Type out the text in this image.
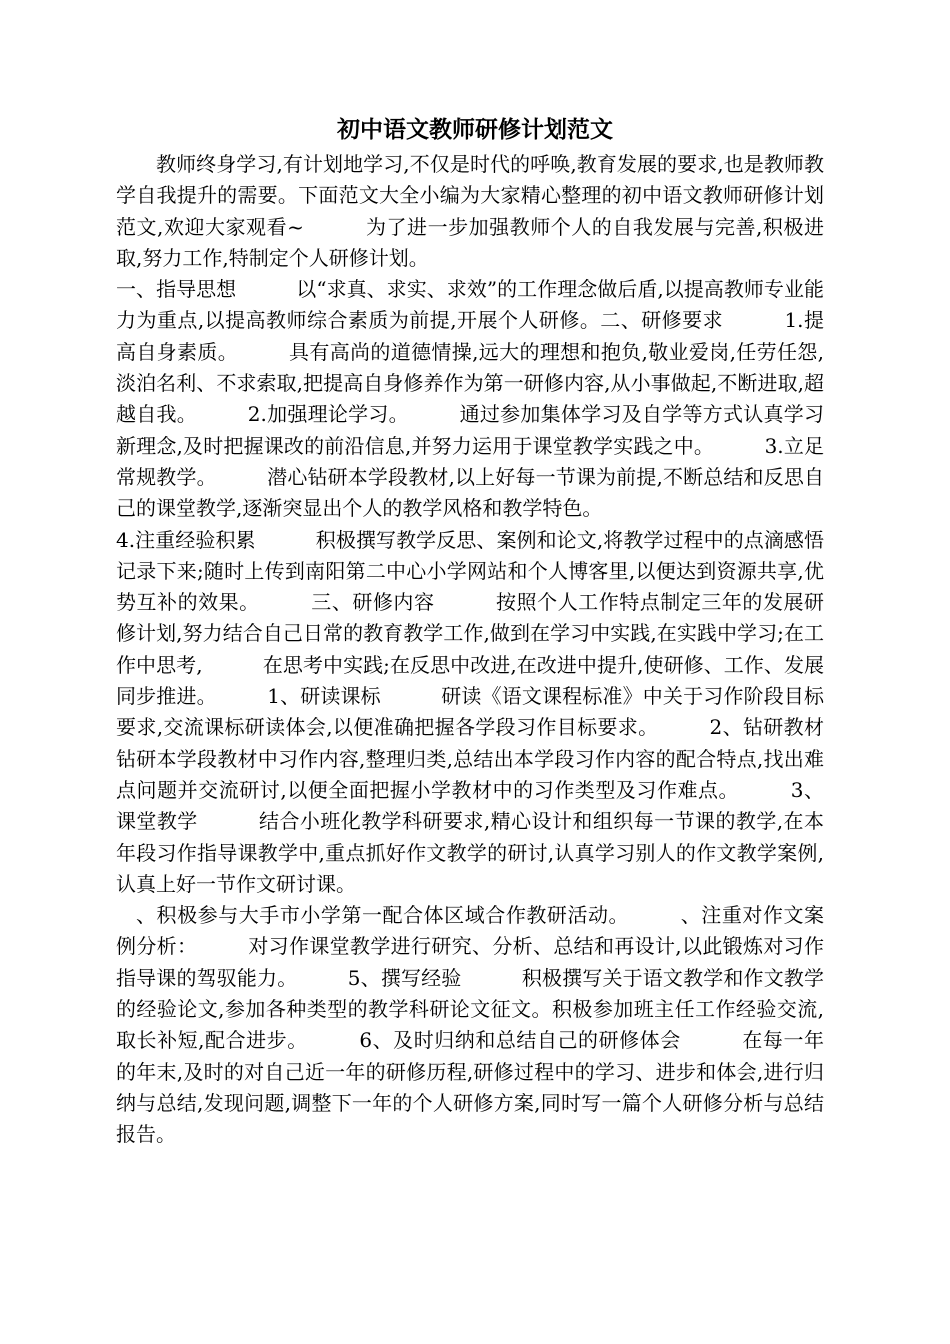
初中语文教师研修计划范文

教师终身学习,有计划地学习,不仅是时代的呼唤,教育发展的要求,也是教师教学自我提升的需要。下面范文大全小编为大家精心整理的初中语文教师研修计划范文,欢迎大家观看~　　　为了进一步加强教师个人的自我发展与完善,积极进取,努力工作,特制定个人研修计划。

一、指导思想　　　以“求真、求实、求效”的工作理念做后盾,以提高教师专业能力为重点,以提高教师综合素质为前提,开展个人研修。二、研修要求　　　1.提高自身素质。　　　具有高尚的道德情操,远大的理想和抱负,敬业爱岗,任劳任怨,淡泊名利、不求索取,把提高自身修养作为第一研修内容,从小事做起,不断进取,超越自我。　　　2.加强理论学习。　　　通过参加集体学习及自学等方式认真学习新理念,及时把握课改的前沿信息,并努力运用于课堂教学实践之中。　　　3.立足常规教学。　　　潜心钻研本学段教材,以上好每一节课为前提,不断总结和反思自己的课堂教学,逐渐突显出个人的教学风格和教学特色。

4.注重经验积累　　　积极撰写教学反思、案例和论文,将教学过程中的点滴感悟记录下来;随时上传到南阳第二中心小学网站和个人博客里,以便达到资源共享,优势互补的效果。　　　三、研修内容　　　按照个人工作特点制定三年的发展研修计划,努力结合自己日常的教育教学工作,做到在学习中实践,在实践中学习;在工作中思考,　　　在思考中实践;在反思中改进,在改进中提升,使研修、工作、发展同步推进。　　　1、研读课标　　　研读《语文课程标准》中关于习作阶段目标要求,交流课标研读体会,以便准确把握各学段习作目标要求。　　　2、钻研教材　　钻研本学段教材中习作内容,整理归类,总结出本学段习作内容的配合特点,找出难点问题并交流研讨,以便全面把握小学教材中的习作类型及习作难点。　　　3、课堂教学　　　结合小班化教学科研要求,精心设计和组织每一节课的教学,在本年段习作指导课教学中,重点抓好作文教学的研讨,认真学习别人的作文教学案例,认真上好一节作文研讨课。

、积极参与大手市小学第一配合体区域合作教研活动。　　　、注重对作文案例分析：　　　对习作课堂教学进行研究、分析、总结和再设计,以此锻炼对习作指导课的驾驭能力。　　　5、撰写经验　　　积极撰写关于语文教学和作文教学的经验论文,参加各种类型的教学科研论文征文。积极参加班主任工作经验交流,取长补短,配合进步。　　　6、及时归纳和总结自己的研修体会　　　在每一年的年末,及时的对自己近一年的研修历程,研修过程中的学习、进步和体会,进行归纳与总结,发现问题,调整下一年的个人研修方案,同时写一篇个人研修分析与总结报告。
